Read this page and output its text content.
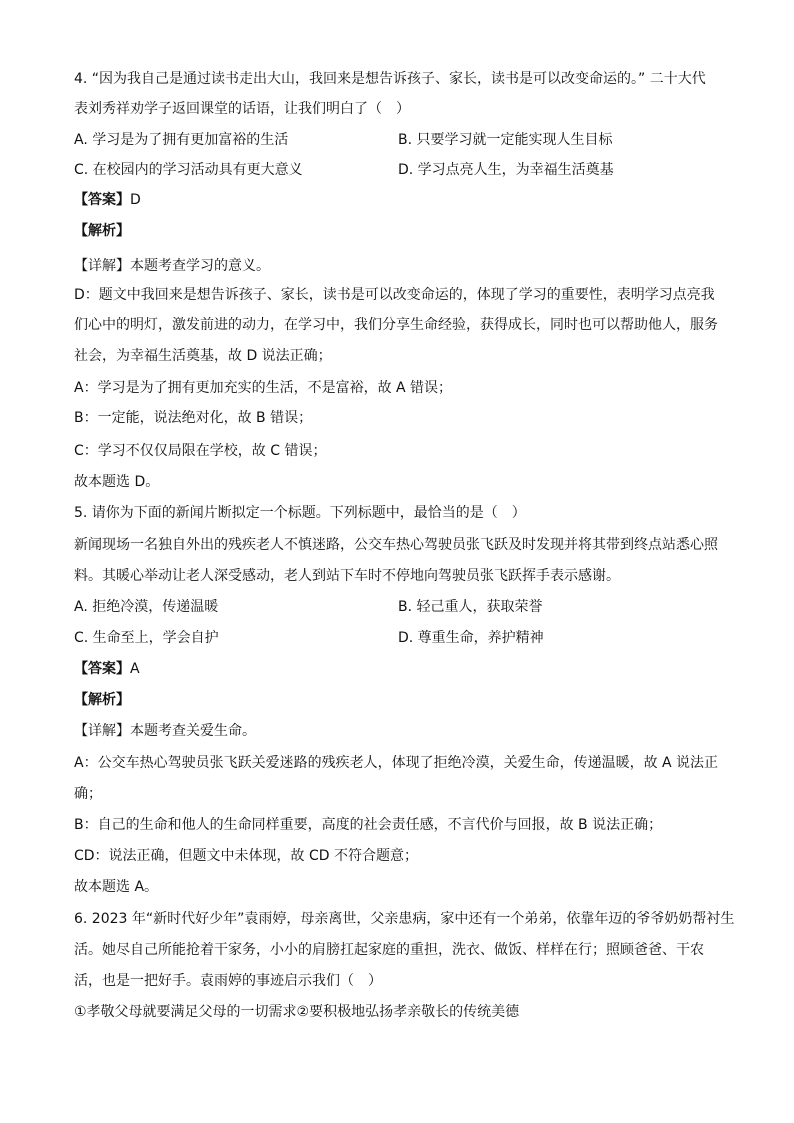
4. “因为我自己是通过读书走出大山，我回来是想告诉孩子、家长，读书是可以改变命运的。” 二十大代
表刘秀祥劝学子返回课堂的话语，让我们明白了（　）
A. 学习是为了拥有更加富裕的生活	B. 只要学习就一定能实现人生目标
C. 在校园内的学习活动具有更大意义	D. 学习点亮人生，为幸福生活奠基
【答案】D
【解析】
【详解】本题考查学习的意义。
D：题文中我回来是想告诉孩子、家长，读书是可以改变命运的，体现了学习的重要性，表明学习点亮我
们心中的明灯，激发前进的动力，在学习中，我们分享生命经验，获得成长，同时也可以帮助他人，服务
社会，为幸福生活奠基，故 D 说法正确；
A：学习是为了拥有更加充实的生活，不是富裕，故 A 错误；
B：一定能，说法绝对化，故 B 错误；
C：学习不仅仅局限在学校，故 C 错误；
故本题选 D。
5. 请你为下面的新闻片断拟定一个标题。下列标题中，最恰当的是（　）
新闻现场一名独自外出的残疾老人不慎迷路，公交车热心驾驶员张飞跃及时发现并将其带到终点站悉心照
料。其暖心举动让老人深受感动，老人到站下车时不停地向驾驶员张飞跃挥手表示感谢。
A. 拒绝冷漠，传递温暖	B. 轻己重人，获取荣誉
C. 生命至上，学会自护	D. 尊重生命，养护精神
【答案】A
【解析】
【详解】本题考查关爱生命。
A：公交车热心驾驶员张飞跃关爱迷路的残疾老人，体现了拒绝冷漠，关爱生命，传递温暖，故 A 说法正
确；
B：自己的生命和他人的生命同样重要，高度的社会责任感，不言代价与回报，故 B 说法正确；
CD：说法正确，但题文中未体现，故 CD 不符合题意；
故本题选 A。
6. 2023 年“新时代好少年”袁雨婷，母亲离世，父亲患病，家中还有一个弟弟，依靠年迈的爷爷奶奶帮衬生
活。她尽自己所能抢着干家务，小小的肩膀扛起家庭的重担，洗衣、做饭、样样在行；照顾爸爸、干农
活，也是一把好手。袁雨婷的事迹启示我们（　）
①孝敬父母就要满足父母的一切需求②要积极地弘扬孝亲敬长的传统美德
